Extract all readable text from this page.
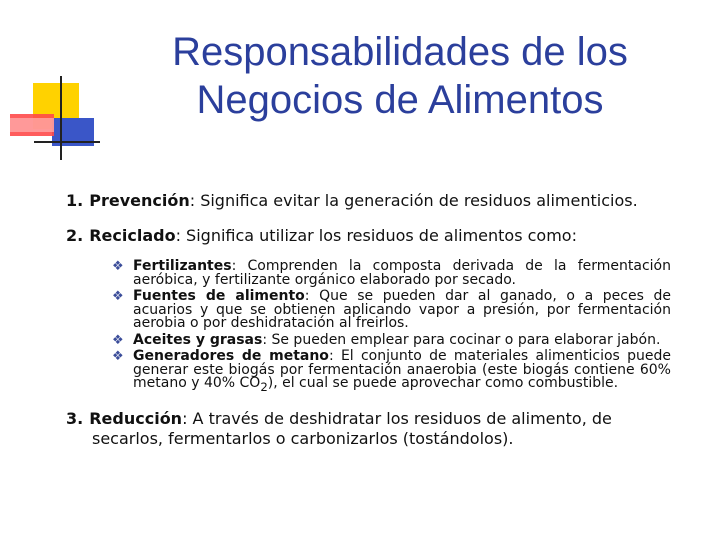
Responsabilidades de los
Negocios de Alimentos
1. Prevención: Significa evitar la generación de residuos alimenticios.
2. Reciclado: Significa utilizar los residuos de alimentos como:
❖ Fertilizantes: Comprenden la composta derivada de la fermentación aeróbica, y fertilizante orgánico elaborado por secado.
❖ Fuentes de alimento: Que se pueden dar al ganado, o a peces de acuarios y que se obtienen aplicando vapor a presión, por fermentación aerobia o por deshidratación al freirlos.
❖ Aceites y grasas: Se pueden emplear para cocinar o para elaborar jabón.
❖ Generadores de metano: El conjunto de materiales alimenticios puede generar este biogás por fermentación anaerobia (este biogás contiene 60% metano y 40% $CO_2$), el cual se puede aprovechar como combustible.
3. Reducción: A través de deshidratar los residuos de alimento, de
secarlos, fermentarlos o carbonizarlos (tostándolos).
